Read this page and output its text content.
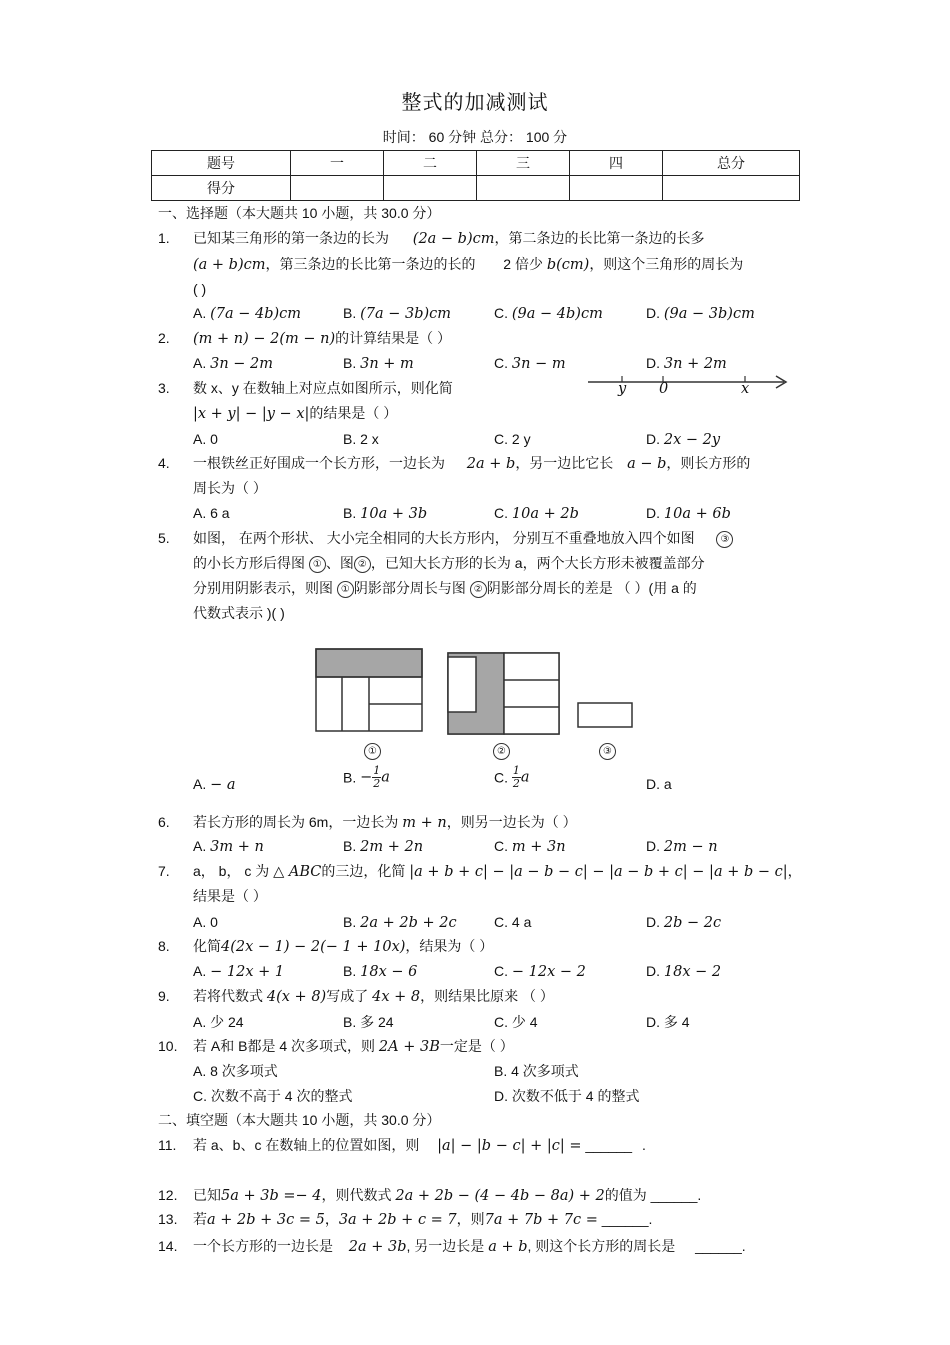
整式的加减测试
时间： 60 分钟 总分： 100 分
题号	一	二	三	四	总分
得分					
一、选择题（本大题共 10 小题，共 30.0 分）
1. 已知某三角形的第一条边的长为 (2a − b)cm，第二条边的长比第一条边的长多
(a + b)cm，第三条边的长比第一条边的长的 2 倍少 b(cm)，则这个三角形的周长为
( )
A. (7a − 4b)cm	B. (7a − 3b)cm	C. (9a − 4b)cm	D. (9a − 3b)cm
2. (m + n) − 2(m − n)的计算结果是（ ）
A. 3n − 2m	B. 3n + m	C. 3n − m	D. 3n + 2m
3. 数 x、y 在数轴上对应点如图所示，则化简
|x + y| − |y − x|的结果是（ ）
y 0	x
A. 0	B. 2 x	C. 2 y	D. 2x − 2y
4. 一根铁丝正好围成一个长方形，一边长为 2a + b，另一边比它长 a − b，则长方形的
周长为（ ）
A. 6 a	B. 10a + 3b	C. 10a + 2b	D. 10a + 6b
5. 如图， 在两个形状、 大小完全相同的大长方形内， 分别互不重叠地放入四个如图	③
的小长方形后得图 ① 、图 ② ，已知大长方形的长为 a，两个大长方形未被覆盖部分
分别用阴影表示，则图 ① 阴影部分周长与图 ② 阴影部分周长的差是 （ ）(用 a 的
代数式表示 )( )
①	②	③
A. − a	B. − $\frac{1}{2}$ a	C. $\frac{1}{2}$ a	D. a
6. 若长方形的周长为 6m，一边长为 m + n，则另一边长为（ ）
A. 3m + n	B. 2m + 2n	C. m + 3n	D. 2m − n
7. a， b， c 为 △ ABC的三边，化简 |a + b + c| − |a − b − c| − |a − b + c| − |a + b − c|，
结果是（ ）
A. 0	B. 2a + 2b + 2c	C. 4 a	D. 2b − 2c
8. 化简4(2x − 1) − 2(− 1 + 10x)，结果为（ ）
A. − 12x + 1	B. 18x − 6	C. − 12x − 2	D. 18x − 2
9. 若将代数式 4(x + 8)写成了 4x + 8，则结果比原来 （ ）
A. 少 24	B. 多 24	C. 少 4	D. 多 4
10. 若 A和 B都是 4 次多项式，则 2A + 3B一定是（ ）
A. 8 次多项式	B. 4 次多项式
C. 次数不高于 4 次的整式	D. 次数不低于 4 的整式
二、填空题（本大题共 10 小题，共 30.0 分）
11. 若 a、b、c 在数轴上的位置如图，则 |a| − |b − c| + |c| = ______ .
12. 已知5a + 3b =− 4，则代数式 2a + 2b − (4 − 4b − 8a) + 2的值为 ______.
13. 若a + 2b + 3c = 5，3a + 2b + c = 7，则7a + 7b + 7c = ______.
14. 一个长方形的一边长是 2a + 3b, 另一边长是 a + b, 则这个长方形的周长是 ______.
